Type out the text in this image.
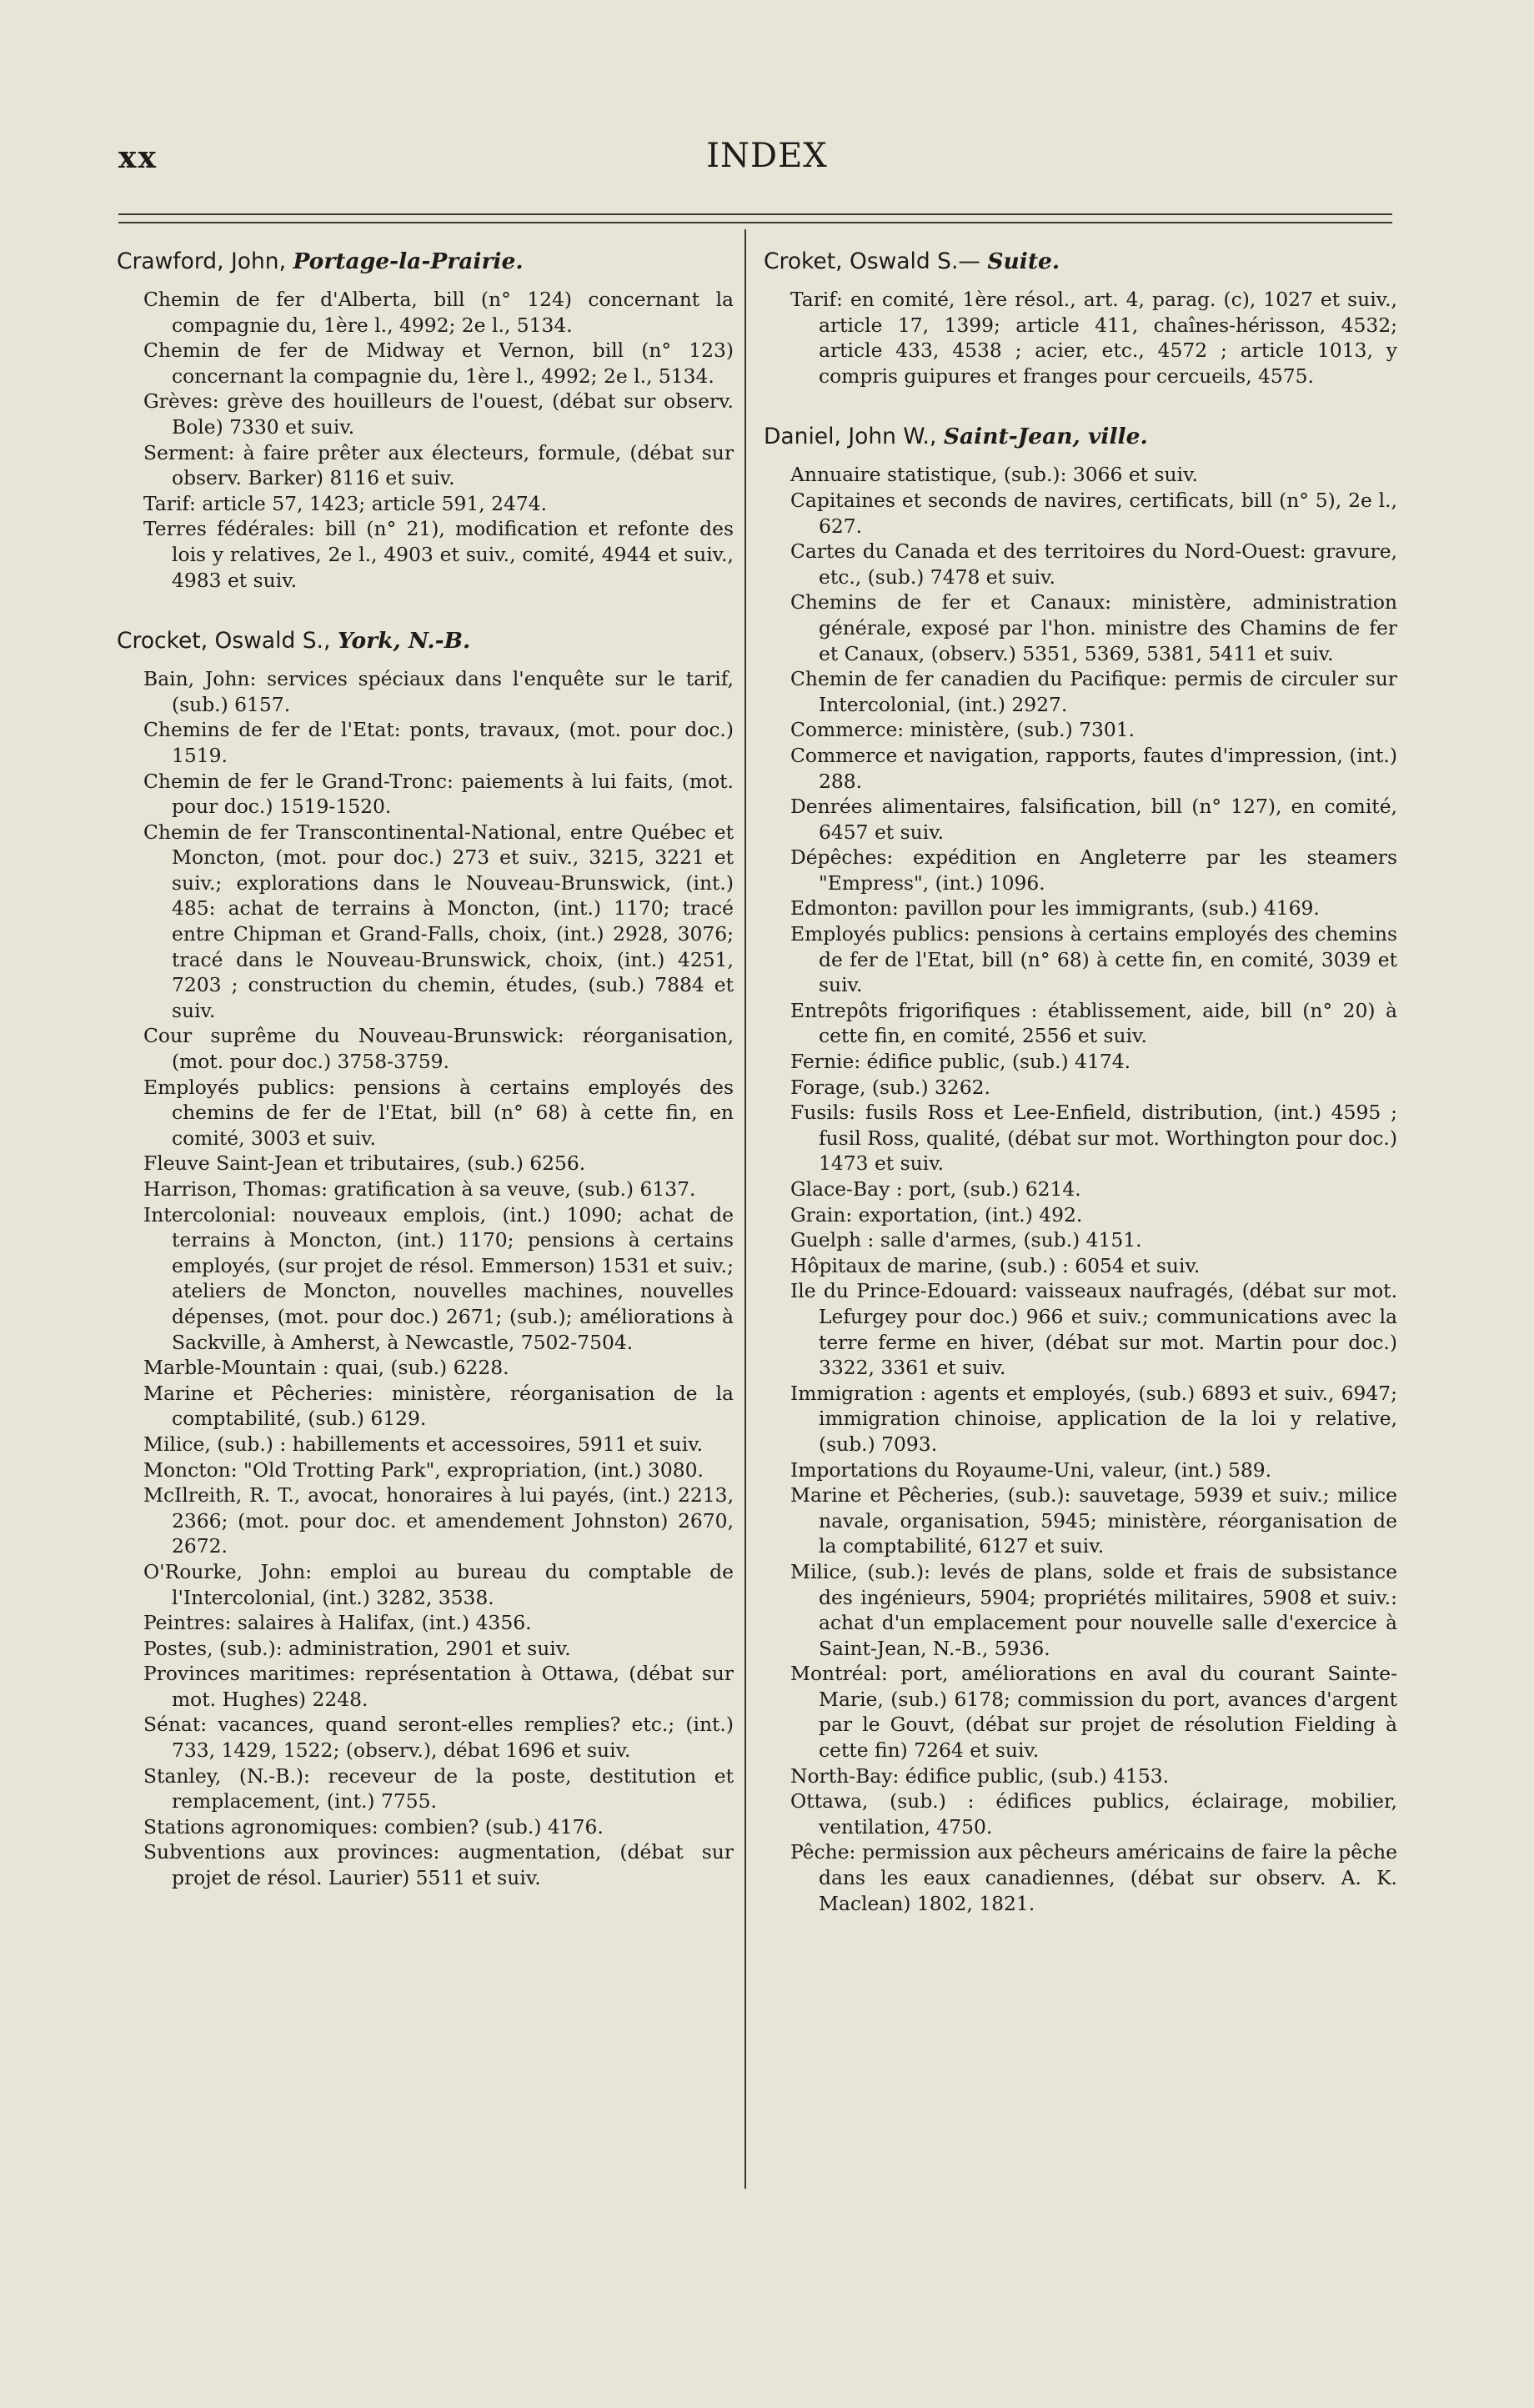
xx	INDEX

Crawford, John, Portage-la-Prairie.

Chemin de fer d'Alberta, bill (n° 124) concernant la compagnie du, 1ère l., 4992; 2e l., 5134.

Chemin de fer de Midway et Vernon, bill (n° 123) concernant la compagnie du, 1ère l., 4992; 2e l., 5134.

Grèves: grève des houilleurs de l'ouest, (débat sur observ. Bole) 7330 et suiv.

Serment: à faire prêter aux électeurs, formule, (débat sur observ. Barker) 8116 et suiv.

Tarif: article 57, 1423; article 591, 2474.

Terres fédérales: bill (n° 21), modification et refonte des lois y relatives, 2e l., 4903 et suiv., comité, 4944 et suiv., 4983 et suiv.

Crocket, Oswald S., York, N.-B.

Bain, John: services spéciaux dans l'enquête sur le tarif, (sub.) 6157.

Chemins de fer de l'Etat: ponts, travaux, (mot. pour doc.) 1519.

Chemin de fer le Grand-Tronc: paiements à lui faits, (mot. pour doc.) 1519-1520.

Chemin de fer Transcontinental-National, entre Québec et Moncton, (mot. pour doc.) 273 et suiv., 3215, 3221 et suiv.; explorations dans le Nouveau-Brunswick, (int.) 485: achat de terrains à Moncton, (int.) 1170; tracé entre Chipman et Grand-Falls, choix, (int.) 2928, 3076; tracé dans le Nouveau-Brunswick, choix, (int.) 4251, 7203 ; construction du chemin, études, (sub.) 7884 et suiv.

Cour suprême du Nouveau-Brunswick: réorganisation, (mot. pour doc.) 3758-3759.

Employés publics: pensions à certains employés des chemins de fer de l'Etat, bill (n° 68) à cette fin, en comité, 3003 et suiv.

Fleuve Saint-Jean et tributaires, (sub.) 6256.

Harrison, Thomas: gratification à sa veuve, (sub.) 6137.

Intercolonial: nouveaux emplois, (int.) 1090; achat de terrains à Moncton, (int.) 1170; pensions à certains employés, (sur projet de résol. Emmerson) 1531 et suiv.; ateliers de Moncton, nouvelles machines, nouvelles dépenses, (mot. pour doc.) 2671; (sub.); améliorations à Sackville, à Amherst, à Newcastle, 7502-7504.

Marble-Mountain : quai, (sub.) 6228.

Marine et Pêcheries: ministère, réorganisation de la comptabilité, (sub.) 6129.

Milice, (sub.) : habillements et accessoires, 5911 et suiv.

Moncton: "Old Trotting Park", expropriation, (int.) 3080.

McIlreith, R. T., avocat, honoraires à lui payés, (int.) 2213, 2366; (mot. pour doc. et amendement Johnston) 2670, 2672.

O'Rourke, John: emploi au bureau du comptable de l'Intercolonial, (int.) 3282, 3538.

Peintres: salaires à Halifax, (int.) 4356.

Postes, (sub.): administration, 2901 et suiv.

Provinces maritimes: représentation à Ottawa, (débat sur mot. Hughes) 2248.

Sénat: vacances, quand seront-elles remplies? etc.; (int.) 733, 1429, 1522; (observ.), débat 1696 et suiv.

Stanley, (N.-B.): receveur de la poste, destitution et remplacement, (int.) 7755.

Stations agronomiques: combien? (sub.) 4176.

Subventions aux provinces: augmentation, (débat sur projet de résol. Laurier) 5511 et suiv.

Croket, Oswald S.— Suite.

Tarif: en comité, 1ère résol., art. 4, parag. (c), 1027 et suiv., article 17, 1399; article 411, chaînes-hérisson, 4532; article 433, 4538 ; acier, etc., 4572 ; article 1013, y compris guipures et franges pour cercueils, 4575.

Daniel, John W., Saint-Jean, ville.

Annuaire statistique, (sub.): 3066 et suiv.

Capitaines et seconds de navires, certificats, bill (n° 5), 2e l., 627.

Cartes du Canada et des territoires du Nord-Ouest: gravure, etc., (sub.) 7478 et suiv.

Chemins de fer et Canaux: ministère, administration générale, exposé par l'hon. ministre des Chamins de fer et Canaux, (observ.) 5351, 5369, 5381, 5411 et suiv.

Chemin de fer canadien du Pacifique: permis de circuler sur Intercolonial, (int.) 2927.

Commerce: ministère, (sub.) 7301.

Commerce et navigation, rapports, fautes d'impression, (int.) 288.

Denrées alimentaires, falsification, bill (n° 127), en comité, 6457 et suiv.

Dépêches: expédition en Angleterre par les steamers "Empress", (int.) 1096.

Edmonton: pavillon pour les immigrants, (sub.) 4169.

Employés publics: pensions à certains employés des chemins de fer de l'Etat, bill (n° 68) à cette fin, en comité, 3039 et suiv.

Entrepôts frigorifiques : établissement, aide, bill (n° 20) à cette fin, en comité, 2556 et suiv.

Fernie: édifice public, (sub.) 4174.

Forage, (sub.) 3262.

Fusils: fusils Ross et Lee-Enfield, distribution, (int.) 4595 ; fusil Ross, qualité, (débat sur mot. Worthington pour doc.) 1473 et suiv.

Glace-Bay : port, (sub.) 6214.

Grain: exportation, (int.) 492.

Guelph : salle d'armes, (sub.) 4151.

Hôpitaux de marine, (sub.) : 6054 et suiv.

Ile du Prince-Edouard: vaisseaux naufragés, (débat sur mot. Lefurgey pour doc.) 966 et suiv.; communications avec la terre ferme en hiver, (débat sur mot. Martin pour doc.) 3322, 3361 et suiv.

Immigration : agents et employés, (sub.) 6893 et suiv., 6947; immigration chinoise, application de la loi y relative, (sub.) 7093.

Importations du Royaume-Uni, valeur, (int.) 589.

Marine et Pêcheries, (sub.): sauvetage, 5939 et suiv.; milice navale, organisation, 5945; ministère, réorganisation de la comptabilité, 6127 et suiv.

Milice, (sub.): levés de plans, solde et frais de subsistance des ingénieurs, 5904; propriétés militaires, 5908 et suiv.: achat d'un emplacement pour nouvelle salle d'exercice à Saint-Jean, N.-B., 5936.

Montréal: port, améliorations en aval du courant Sainte-Marie, (sub.) 6178; commission du port, avances d'argent par le Gouvt, (débat sur projet de résolution Fielding à cette fin) 7264 et suiv.

North-Bay: édifice public, (sub.) 4153.

Ottawa, (sub.) : édifices publics, éclairage, mobilier, ventilation, 4750.

Pêche: permission aux pêcheurs américains de faire la pêche dans les eaux canadiennes, (débat sur observ. A. K. Maclean) 1802, 1821.
